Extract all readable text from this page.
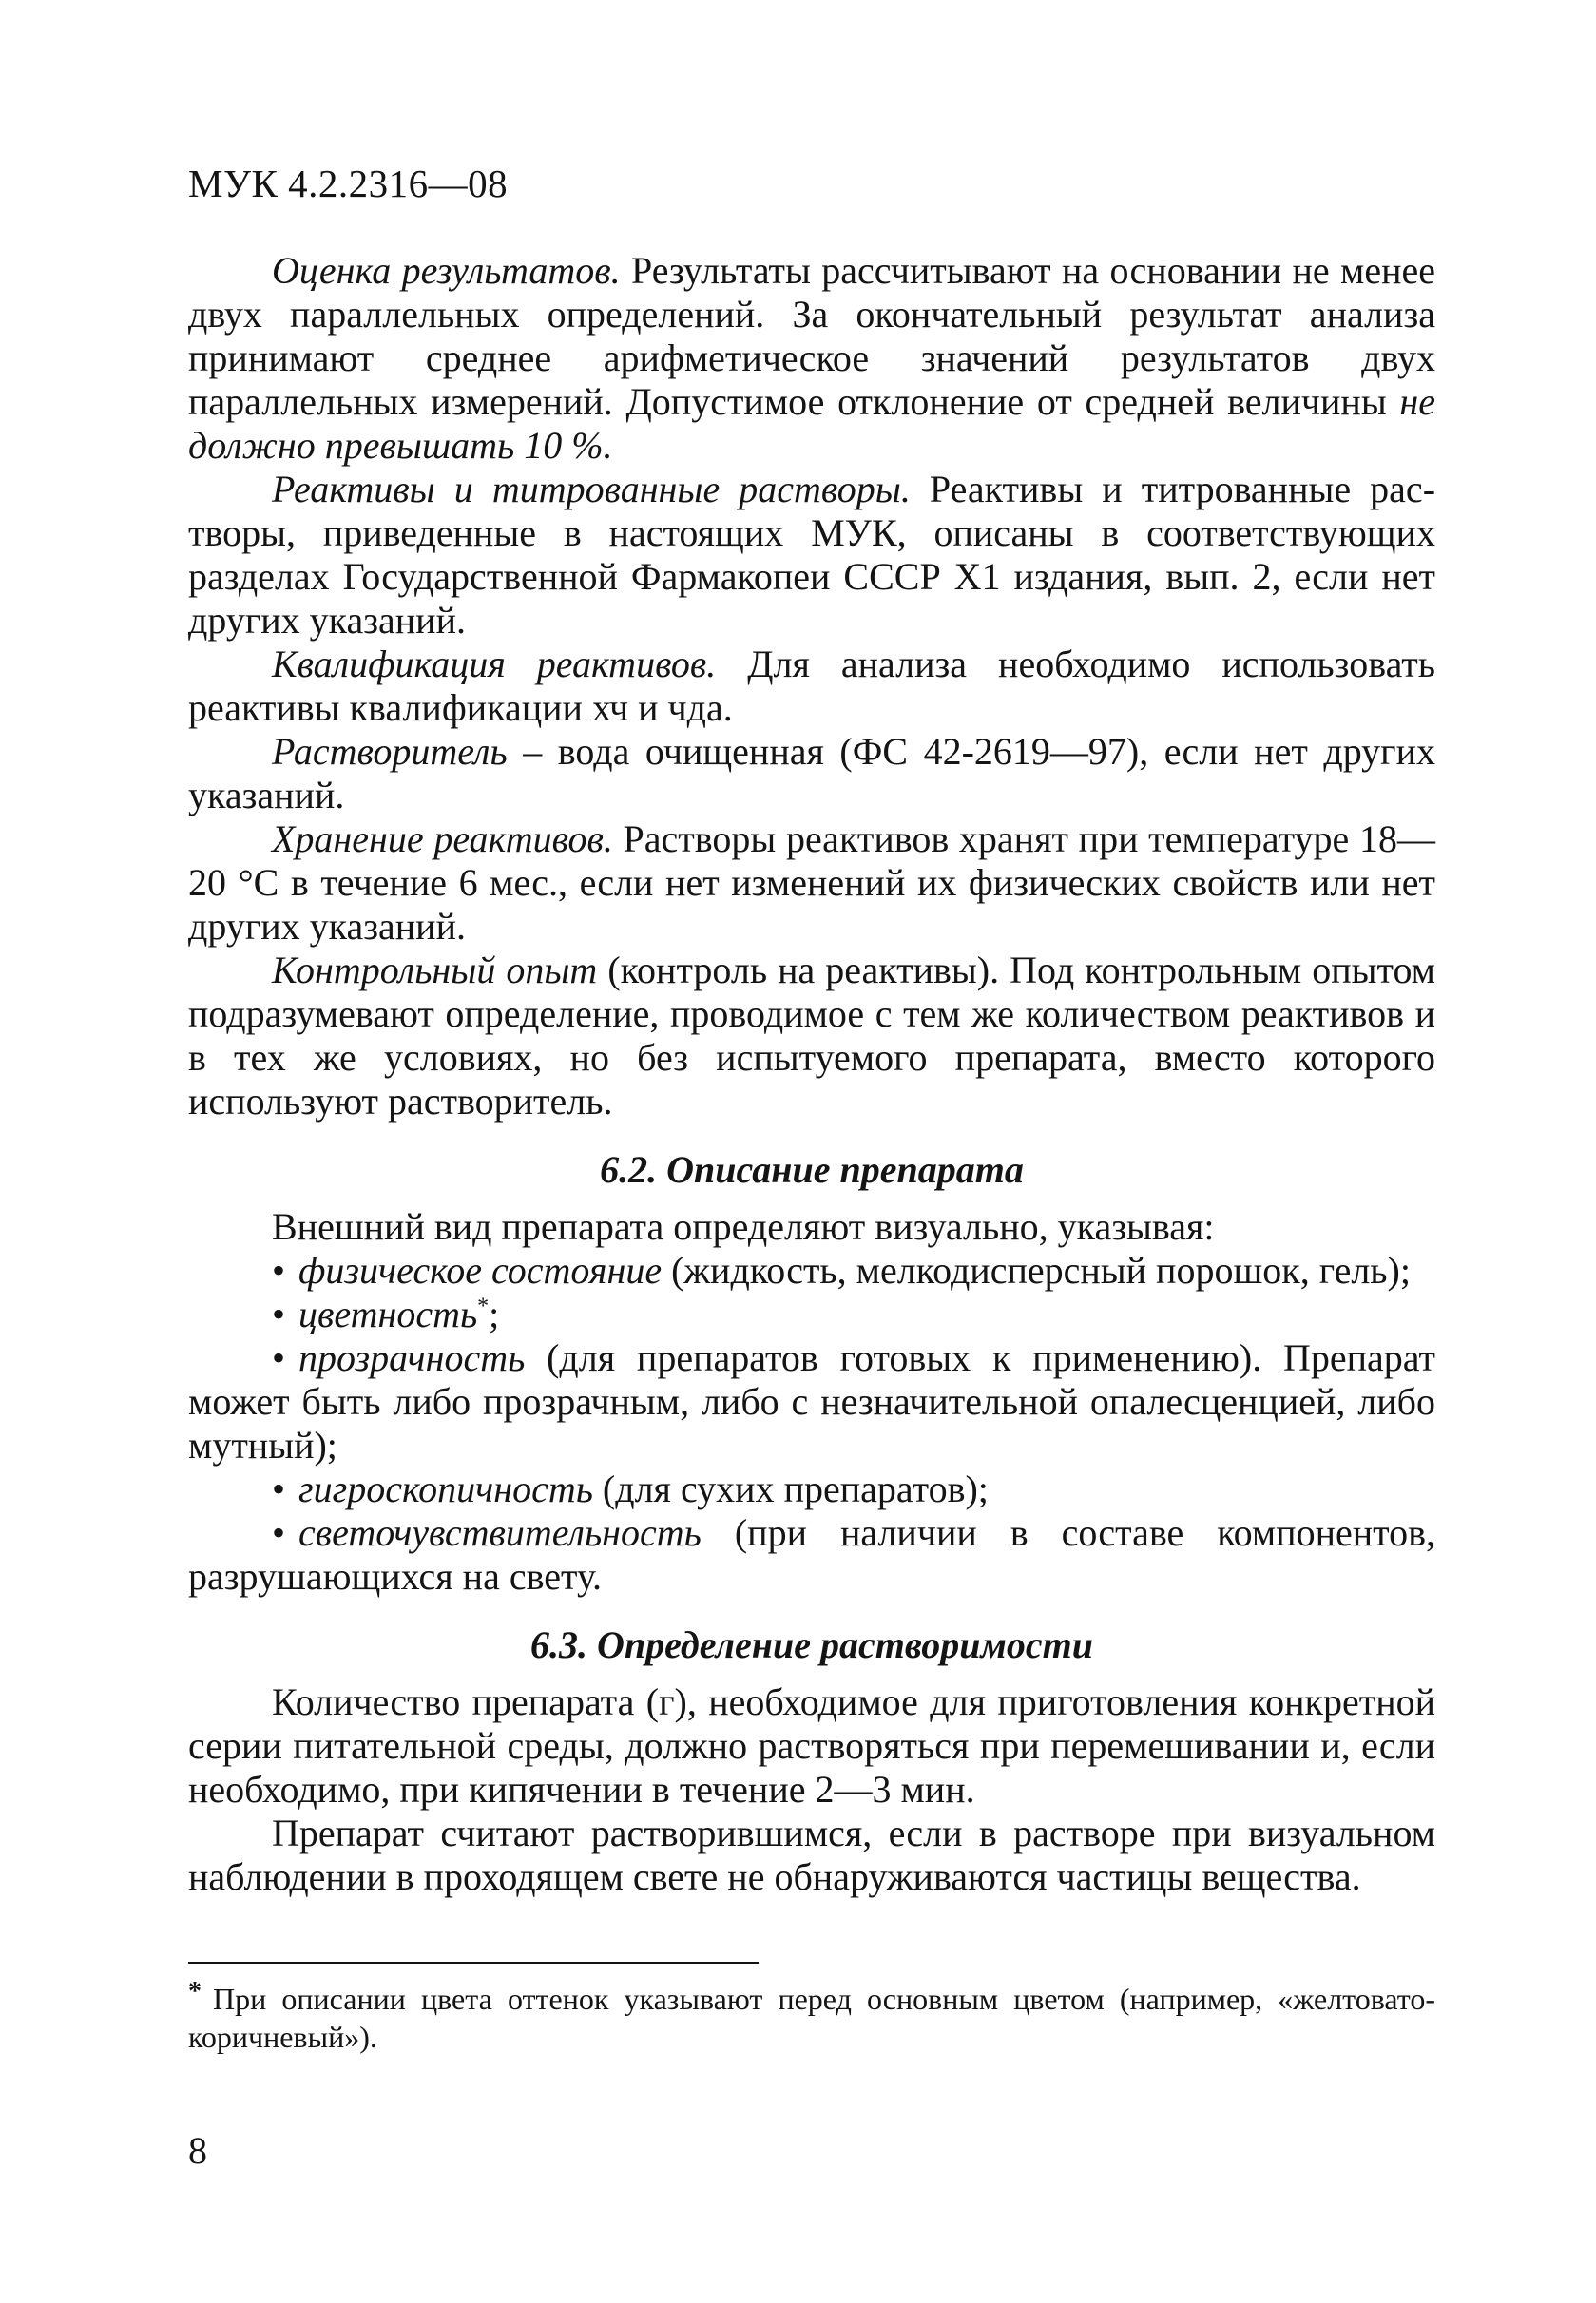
МУК 4.2.2316—08

Оценка результатов. Результаты рассчитывают на основании не менее двух параллельных определений. За окончательный результат анализа принимают среднее арифметическое значений результатов двух параллельных измерений. Допустимое отклонение от средней величины не должно превышать 10 %.

Реактивы и титрованные растворы. Реактивы и титрованные растворы, приведенные в настоящих МУК, описаны в соответствующих разделах Государственной Фармакопеи СССР X1 издания, вып. 2, если нет других указаний.

Квалификация реактивов. Для анализа необходимо использовать реактивы квалификации хч и чда.

Растворитель – вода очищенная (ФС 42-2619—97), если нет других указаний.

Хранение реактивов. Растворы реактивов хранят при температуре 18—20 °С в течение 6 мес., если нет изменений их физических свойств или нет других указаний.

Контрольный опыт (контроль на реактивы). Под контрольным опытом подразумевают определение, проводимое с тем же количеством реактивов и в тех же условиях, но без испытуемого препарата, вместо которого используют растворитель.

6.2. Описание препарата

Внешний вид препарата определяют визуально, указывая:

• физическое состояние (жидкость, мелкодисперсный порошок, гель);
• цветность*;
• прозрачность (для препаратов готовых к применению). Препарат может быть либо прозрачным, либо с незначительной опалесценцией, либо мутный);
• гигроскопичность (для сухих препаратов);
• светочувствительность (при наличии в составе компонентов, разрушающихся на свету.
6.3. Определение растворимости

Количество препарата (г), необходимое для приготовления конкретной серии питательной среды, должно растворяться при перемешивании и, если необходимо, при кипячении в течение 2—3 мин.

Препарат считают растворившимся, если в растворе при визуальном наблюдении в проходящем свете не обнаруживаются частицы вещества.

* При описании цвета оттенок указывают перед основным цветом (например, «желтовато-коричневый»).
8
